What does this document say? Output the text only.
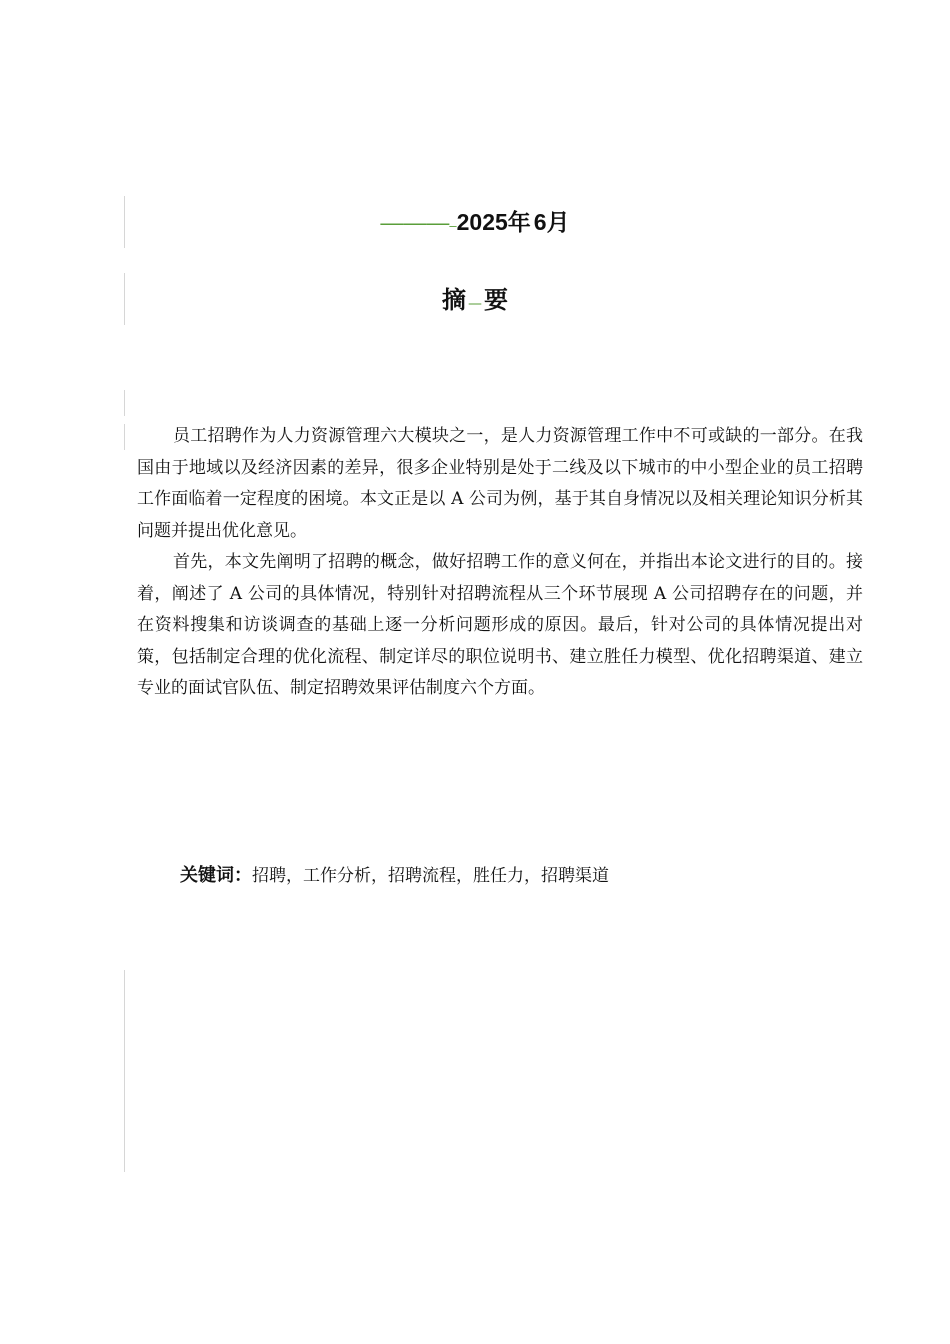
———–2025年 6月
摘 —要

员工招聘作为人力资源管理六大模块之一，是人力资源管理工作中不可或缺的一部分。在我国由于地域以及经济因素的差异，很多企业特别是处于二线及以下城市的中小型企业的员工招聘工作面临着一定程度的困境。本文正是以 A 公司为例，基于其自身情况以及相关理论知识分析其问题并提出优化意见。

首先，本文先阐明了招聘的概念，做好招聘工作的意义何在，并指出本论文进行的目的。接着，阐述了 A 公司的具体情况，特别针对招聘流程从三个环节展现 A 公司招聘存在的问题，并在资料搜集和访谈调查的基础上逐一分析问题形成的原因。最后，针对公司的具体情况提出对策，包括制定合理的优化流程、制定详尽的职位说明书、建立胜任力模型、优化招聘渠道、建立专业的面试官队伍、制定招聘效果评估制度六个方面。

关键词：招聘，工作分析，招聘流程，胜任力，招聘渠道
